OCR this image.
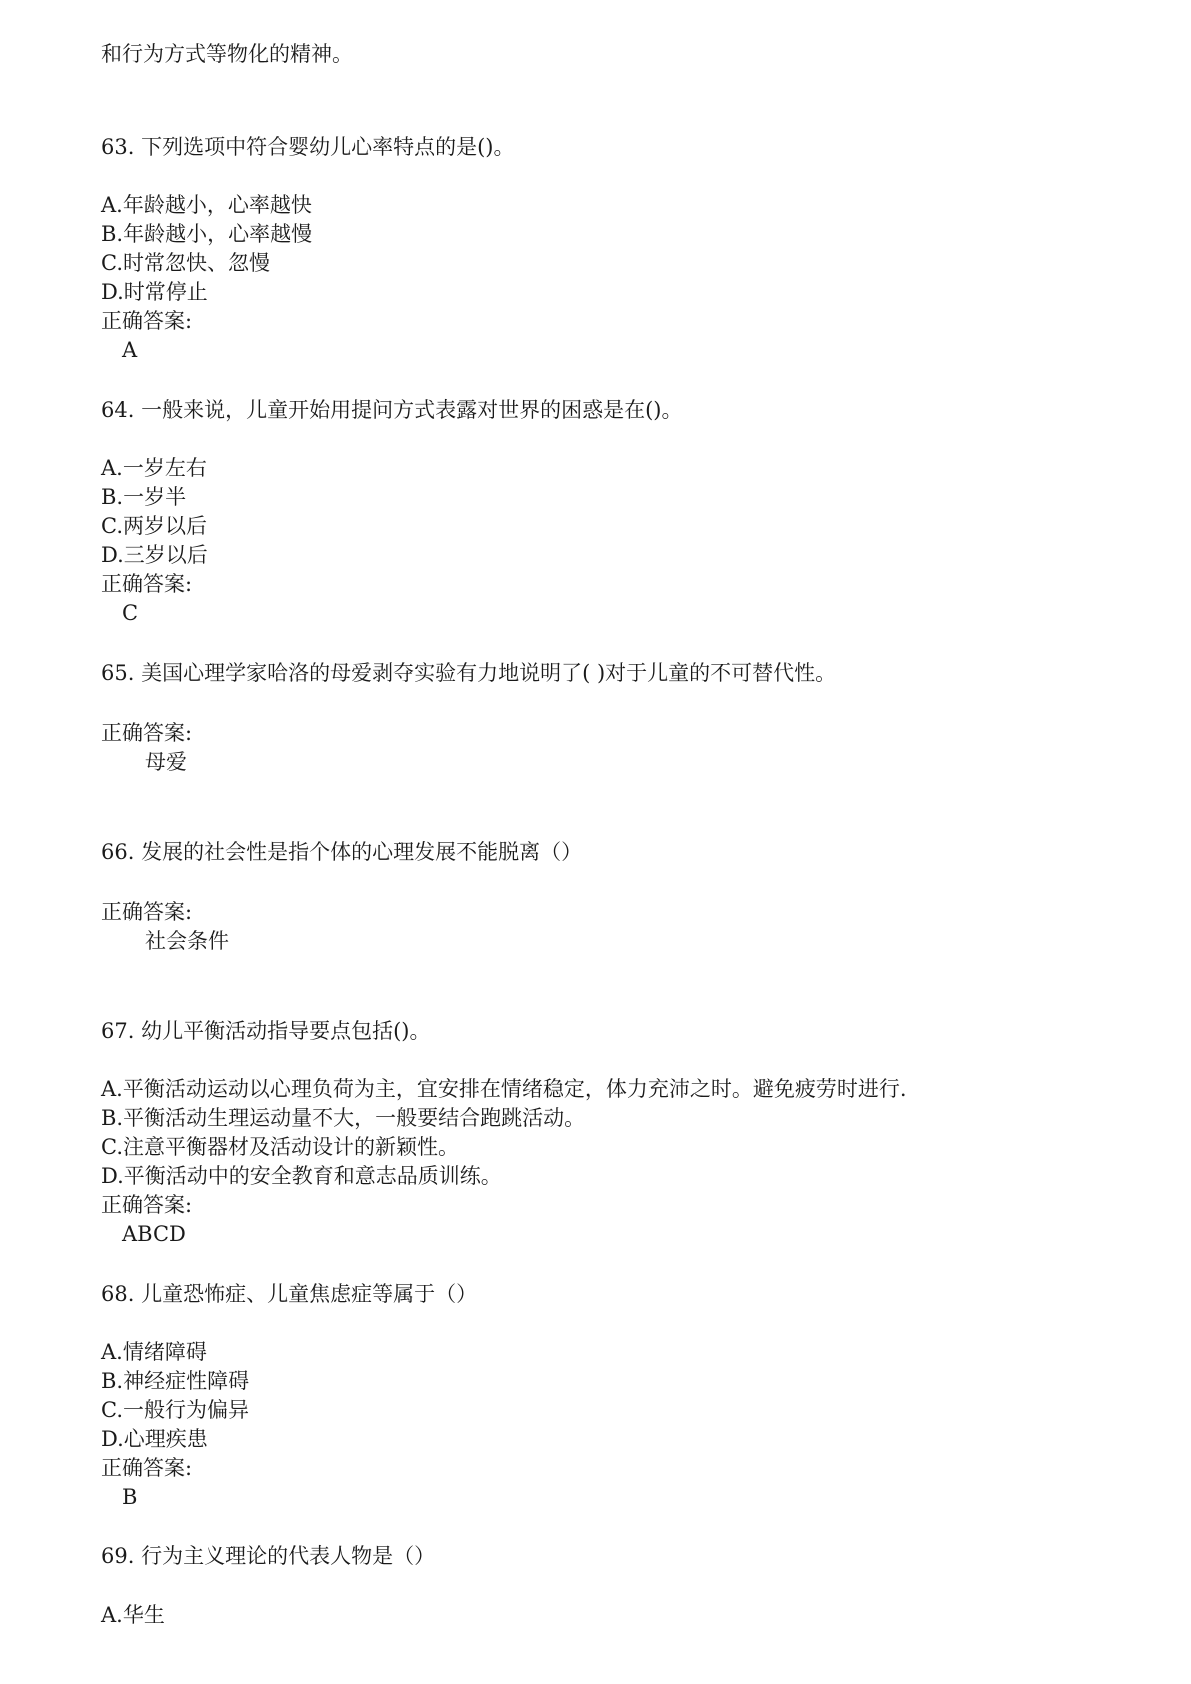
和行为方式等物化的精神。
63. 下列选项中符合婴幼儿心率特点的是()。
A.年龄越小，心率越快
B.年龄越小，心率越慢
C.时常忽快、忽慢
D.时常停止
正确答案:
A
64. 一般来说，儿童开始用提问方式表露对世界的困惑是在()。
A.一岁左右
B.一岁半
C.两岁以后
D.三岁以后
正确答案:
C
65. 美国心理学家哈洛的母爱剥夺实验有力地说明了( )对于儿童的不可替代性。
正确答案:
母爱
66. 发展的社会性是指个体的心理发展不能脱离（）
正确答案:
社会条件
67. 幼儿平衡活动指导要点包括()。
A.平衡活动运动以心理负荷为主，宜安排在情绪稳定，体力充沛之时。避免疲劳时进行.
B.平衡活动生理运动量不大，一般要结合跑跳活动。
C.注意平衡器材及活动设计的新颖性。
D.平衡活动中的安全教育和意志品质训练。
正确答案:
ABCD
68. 儿童恐怖症、儿童焦虑症等属于（）
A.情绪障碍
B.神经症性障碍
C.一般行为偏异
D.心理疾患
正确答案:
B
69. 行为主义理论的代表人物是（）
A.华生
